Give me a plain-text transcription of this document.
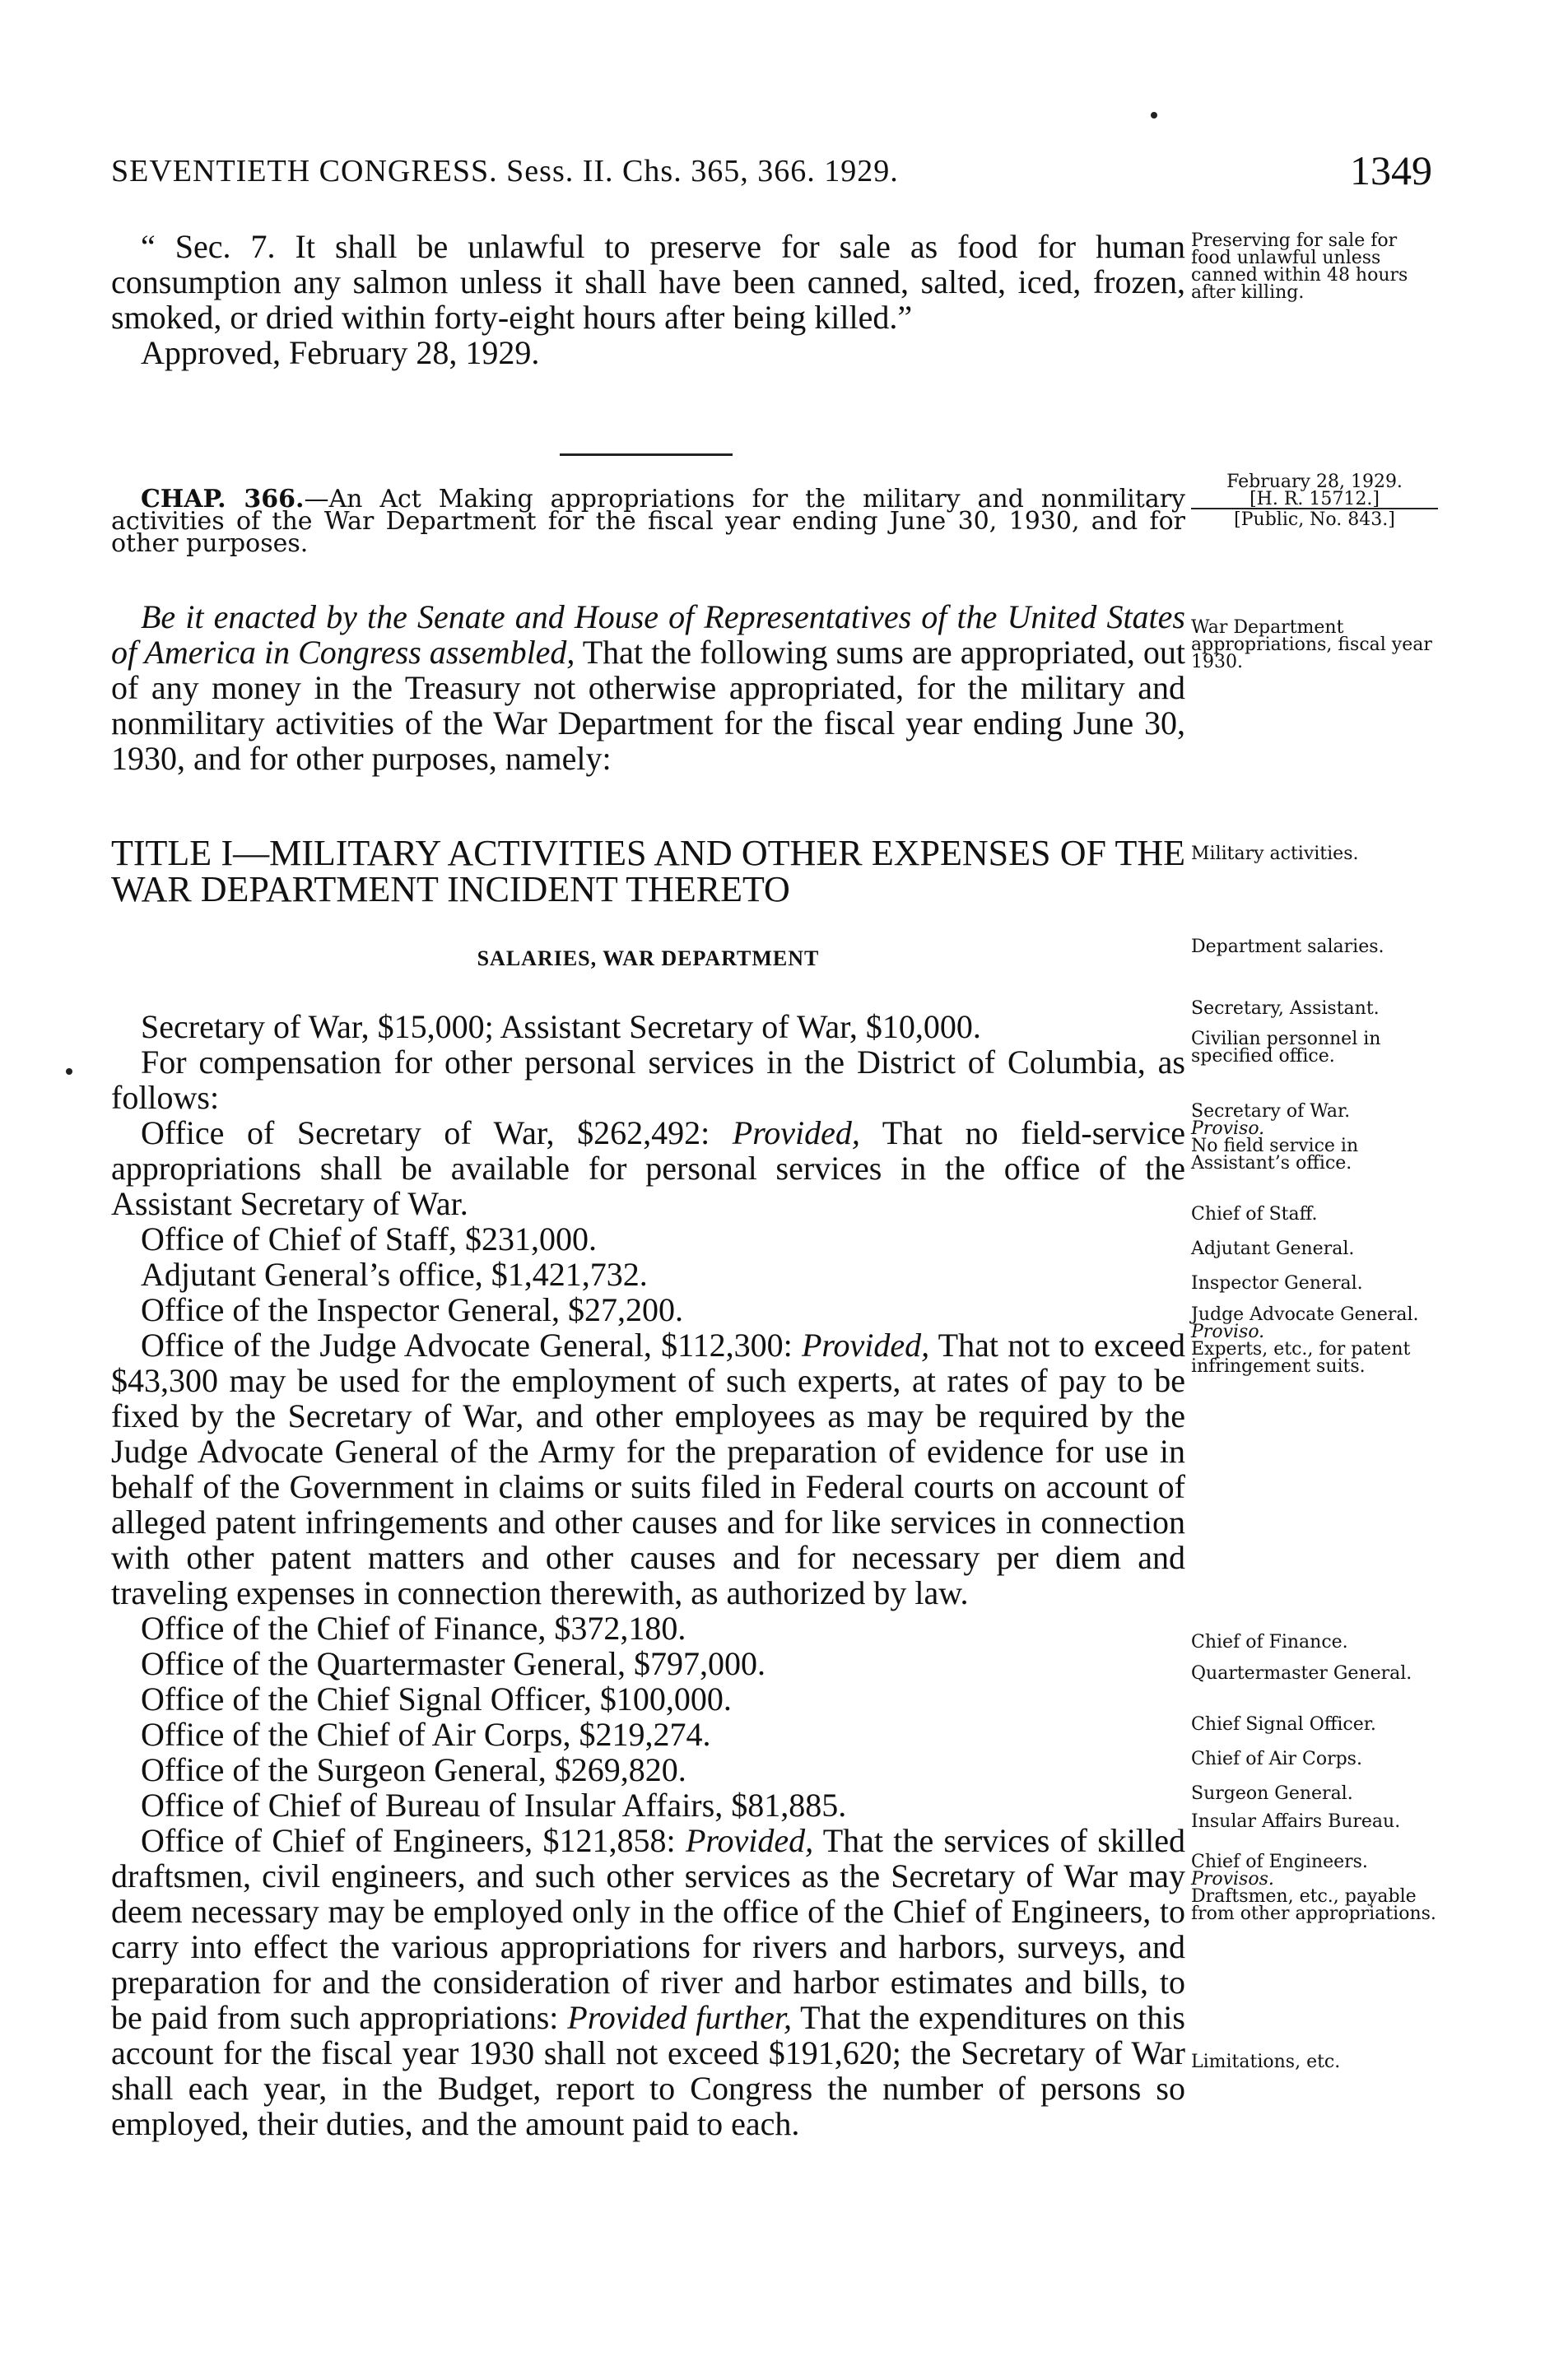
SEVENTIETH CONGRESS. Sess. II. Chs. 365, 366. 1929.	1349

“ Sec. 7. It shall be unlawful to preserve for sale as food for human consumption any salmon unless it shall have been canned, salted, iced, frozen, smoked, or dried within forty-eight hours after being killed.”

Approved, February 28, 1929.

CHAP. 366.—An Act Making appropriations for the military and nonmilitary activities of the War Department for the fiscal year ending June 30, 1930, and for other purposes.

Be it enacted by the Senate and House of Representatives of the United States of America in Congress assembled, That the following sums are appropriated, out of any money in the Treasury not otherwise appropriated, for the military and nonmilitary activities of the War Department for the fiscal year ending June 30, 1930, and for other purposes, namely:

TITLE I—MILITARY ACTIVITIES AND OTHER EXPENSES OF THE WAR DEPARTMENT INCIDENT THERETO
SALARIES, WAR DEPARTMENT

Secretary of War, $15,000; Assistant Secretary of War, $10,000.

For compensation for other personal services in the District of Columbia, as follows:

Office of Secretary of War, $262,492: Provided, That no field-service appropriations shall be available for personal services in the office of the Assistant Secretary of War.

Office of Chief of Staff, $231,000.

Adjutant General’s office, $1,421,732.

Office of the Inspector General, $27,200.

Office of the Judge Advocate General, $112,300: Provided, That not to exceed $43,300 may be used for the employment of such experts, at rates of pay to be fixed by the Secretary of War, and other employees as may be required by the Judge Advocate General of the Army for the preparation of evidence for use in behalf of the Government in claims or suits filed in Federal courts on account of alleged patent infringements and other causes and for like services in connection with other patent matters and other causes and for necessary per diem and traveling expenses in connection therewith, as authorized by law.

Office of the Chief of Finance, $372,180.

Office of the Quartermaster General, $797,000.

Office of the Chief Signal Officer, $100,000.

Office of the Chief of Air Corps, $219,274.

Office of the Surgeon General, $269,820.

Office of Chief of Bureau of Insular Affairs, $81,885.

Office of Chief of Engineers, $121,858: Provided, That the services of skilled draftsmen, civil engineers, and such other services as the Secretary of War may deem necessary may be employed only in the office of the Chief of Engineers, to carry into effect the various appropriations for rivers and harbors, surveys, and preparation for and the consideration of river and harbor estimates and bills, to be paid from such appropriations: Provided further, That the expenditures on this account for the fiscal year 1930 shall not exceed $191,620; the Secretary of War shall each year, in the Budget, report to Congress the number of persons so employed, their duties, and the amount paid to each.

Preserving for sale for food unlawful unless canned within 48 hours after killing.
February 28, 1929.
[H. R. 15712.]
[Public, No. 843.]
War Department appropriations, fiscal year 1930.
Military activities.
Department salaries.
Secretary, Assistant.
Civilian personnel in specified office.
Secretary of War.
Proviso.
No field service in Assistant’s office.
Chief of Staff.
Adjutant General.
Inspector General.
Judge Advocate General.
Proviso.
Experts, etc., for patent infringement suits.
Chief of Finance.
Quartermaster General.
Chief Signal Officer.
Chief of Air Corps.
Surgeon General.
Insular Affairs Bureau.
Chief of Engineers.
Provisos.
Draftsmen, etc., payable from other appropriations.
Limitations, etc.
